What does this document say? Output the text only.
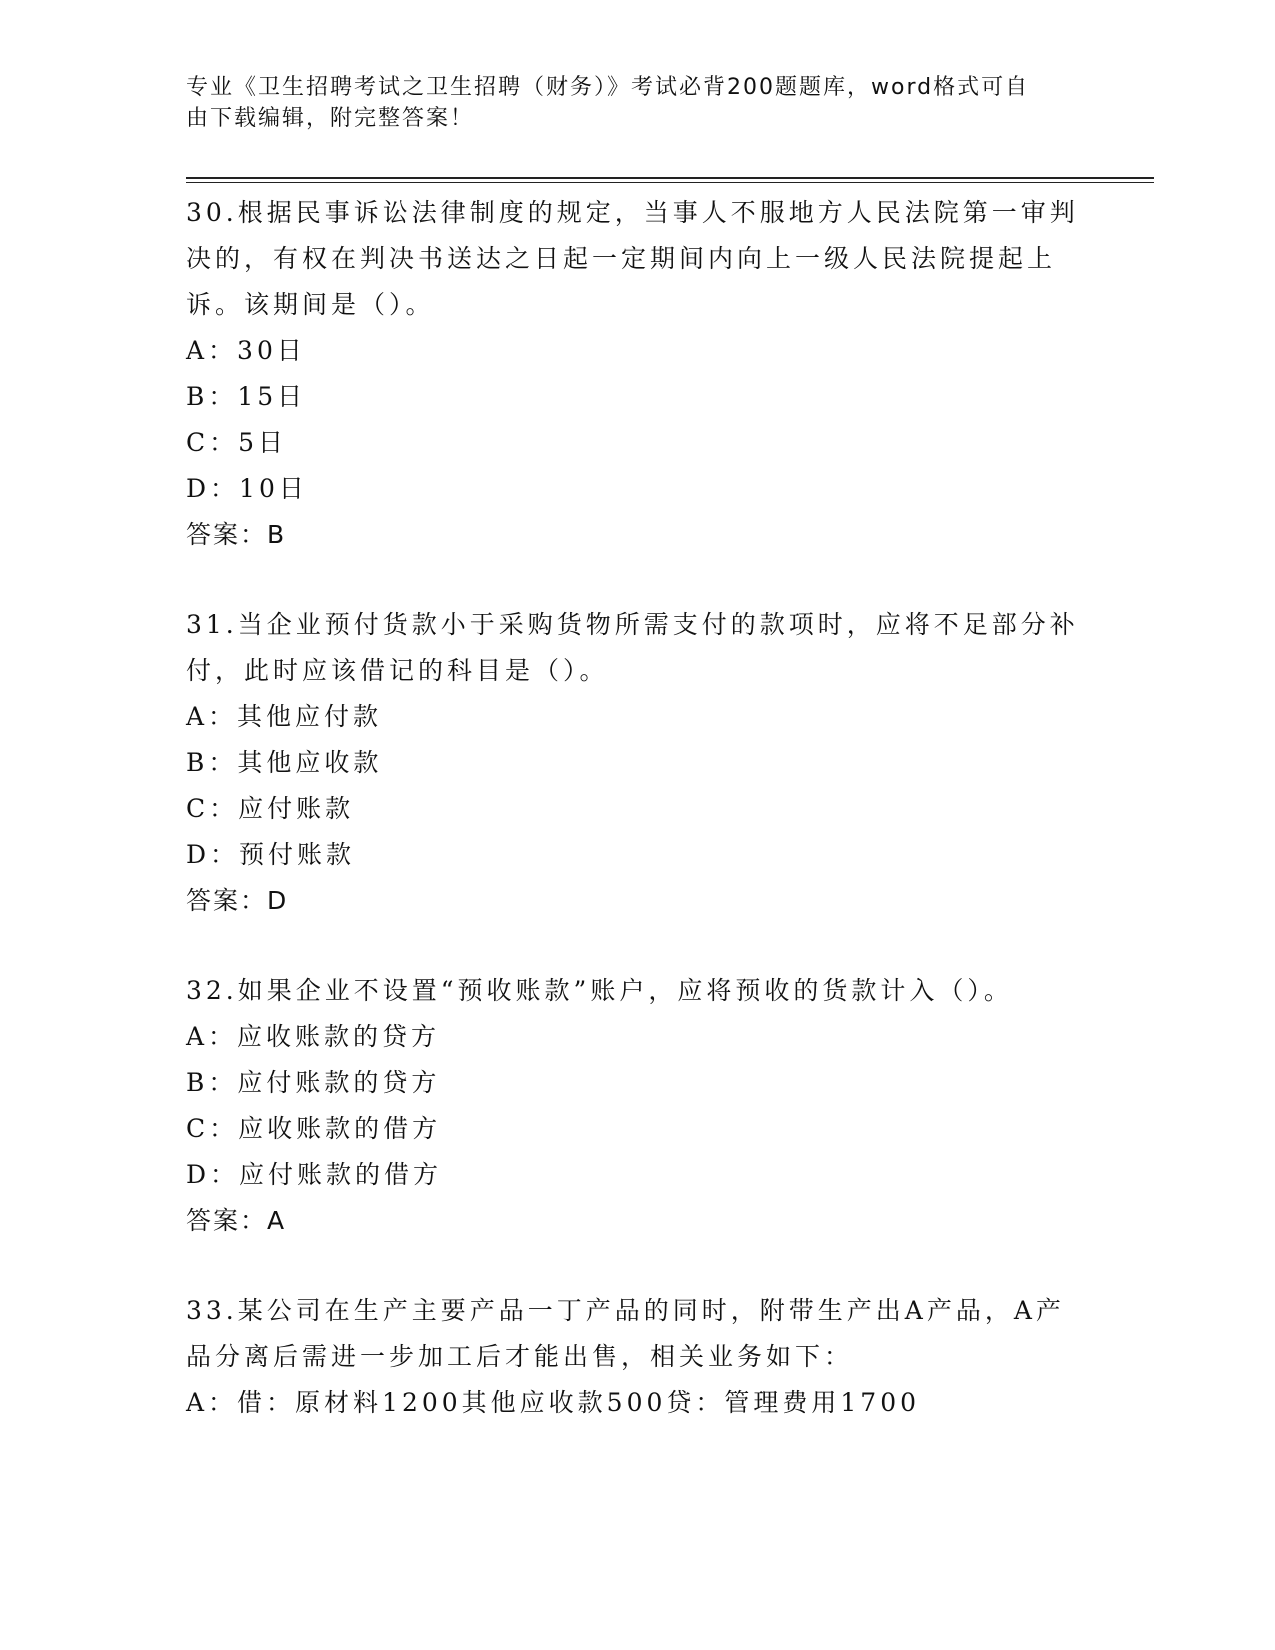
专业《卫生招聘考试之卫生招聘（财务）》考试必背200题题库，word格式可自
由下载编辑，附完整答案！

30.根据民事诉讼法律制度的规定，当事人不服地方人民法院第一审判

决的，有权在判决书送达之日起一定期间内向上一级人民法院提起上

诉。该期间是（）。

A：30日

B：15日

C：5日

D：10日

答案：B

31.当企业预付货款小于采购货物所需支付的款项时，应将不足部分补

付，此时应该借记的科目是（）。

A：其他应付款

B：其他应收款

C：应付账款

D：预付账款

答案：D

32.如果企业不设置“预收账款”账户，应将预收的货款计入（）。

A：应收账款的贷方

B：应付账款的贷方

C：应收账款的借方

D：应付账款的借方

答案：A

33.某公司在生产主要产品一丁产品的同时，附带生产出A产品，A产

品分离后需进一步加工后才能出售，相关业务如下：

A：借：原材料1200其他应收款500贷：管理费用1700
